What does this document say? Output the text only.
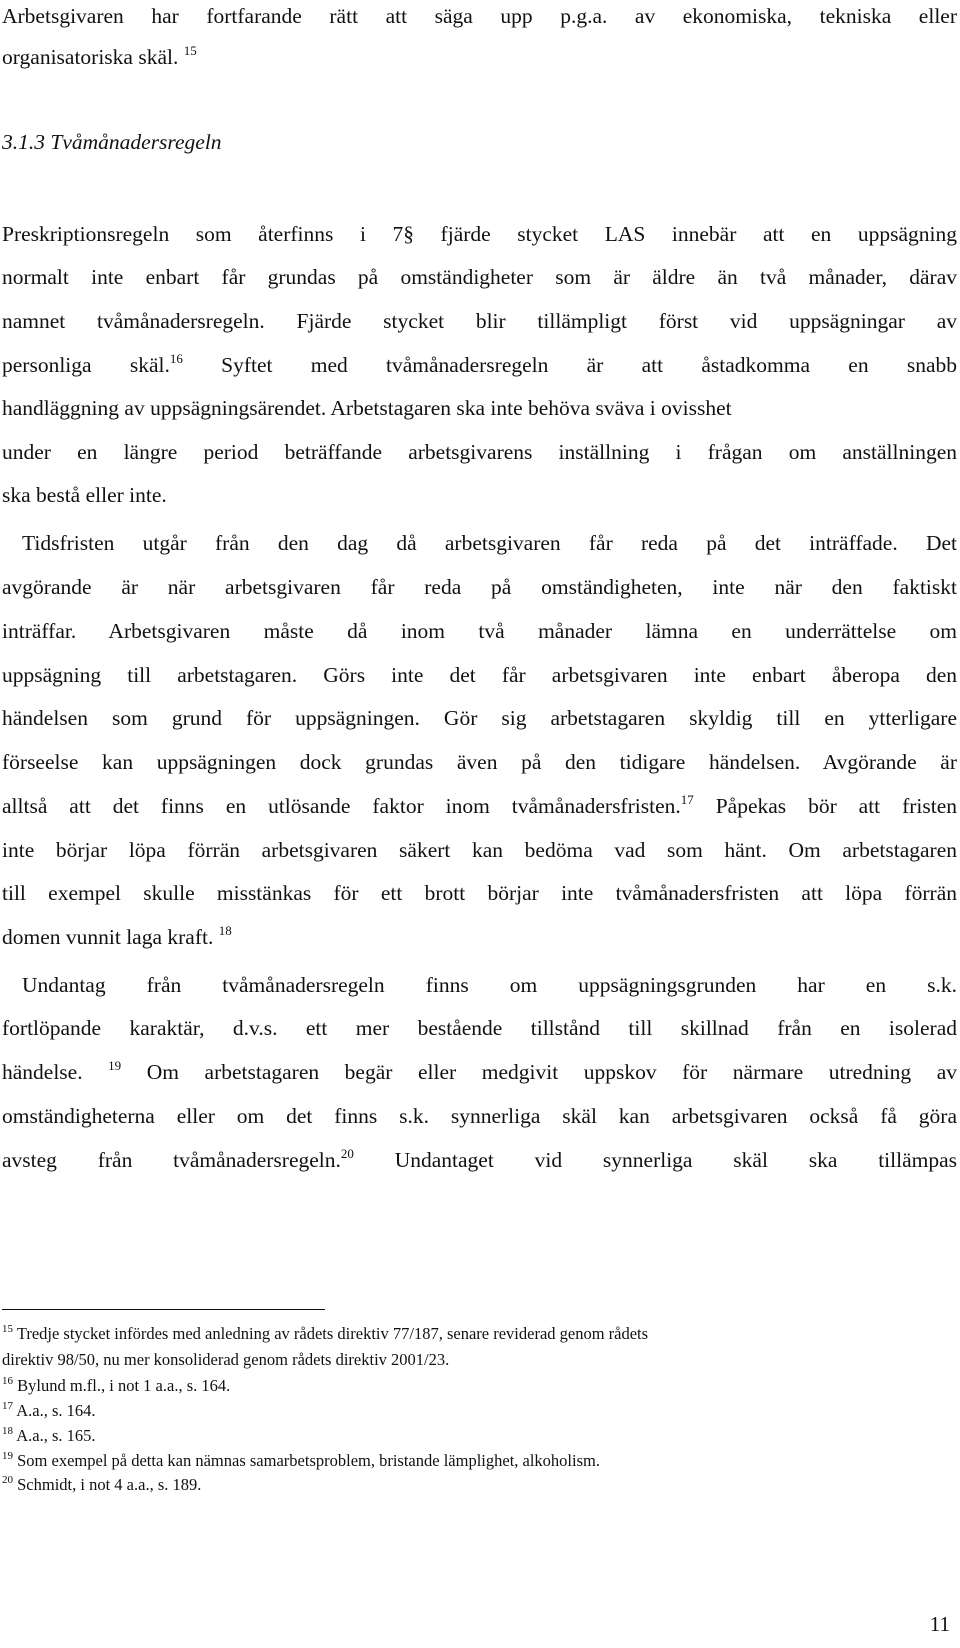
Arbetsgivaren har fortfarande rätt att säga upp p.g.a. av ekonomiska, tekniska eller
organisatoriska skäl. $^{15}$
3.1.3 Tvåmånadersregeln
Preskriptionsregeln som återfinns i 7§ fjärde stycket LAS innebär att en uppsägning
normalt inte enbart får grundas på omständigheter som är äldre än två månader, därav
namnet tvåmånadersregeln. Fjärde stycket blir tillämpligt först vid uppsägningar av
personliga skäl.$^{16}$ Syftet med tvåmånadersregeln är att åstadkomma en snabb
handläggning av uppsägningsärendet. Arbetstagaren ska inte behöva sväva i ovisshet
under en längre period beträffande arbetsgivarens inställning i frågan om anställningen
ska bestå eller inte.
Tidsfristen utgår från den dag då arbetsgivaren får reda på det inträffade. Det
avgörande är när arbetsgivaren får reda på omständigheten, inte när den faktiskt
inträffar. Arbetsgivaren måste då inom två månader lämna en underrättelse om
uppsägning till arbetstagaren. Görs inte det får arbetsgivaren inte enbart åberopa den
händelsen som grund för uppsägningen. Gör sig arbetstagaren skyldig till en ytterligare
förseelse kan uppsägningen dock grundas även på den tidigare händelsen. Avgörande är
alltså att det finns en utlösande faktor inom tvåmånadersfristen.$^{17}$ Påpekas bör att fristen
inte börjar löpa förrän arbetsgivaren säkert kan bedöma vad som hänt. Om arbetstagaren
till exempel skulle misstänkas för ett brott börjar inte tvåmånadersfristen att löpa förrän
domen vunnit laga kraft. $^{18}$
Undantag från tvåmånadersregeln finns om uppsägningsgrunden har en s.k.
fortlöpande karaktär, d.v.s. ett mer bestående tillstånd till skillnad från en isolerad
händelse. $^{19}$ Om arbetstagaren begär eller medgivit uppskov för närmare utredning av
omständigheterna eller om det finns s.k. synnerliga skäl kan arbetsgivaren också få göra
avsteg från tvåmånadersregeln.$^{20}$ Undantaget vid synnerliga skäl ska tillämpas
$^{15}$ Tredje stycket infördes med anledning av rådets direktiv 77/187, senare reviderad genom rådets
direktiv 98/50, nu mer konsoliderad genom rådets direktiv 2001/23.
$^{16}$ Bylund m.fl., i not 1 a.a., s. 164.
$^{17}$ A.a., s. 164.
$^{18}$ A.a., s. 165.
$^{19}$ Som exempel på detta kan nämnas samarbetsproblem, bristande lämplighet, alkoholism.
$^{20}$ Schmidt, i not 4 a.a., s. 189.
11
